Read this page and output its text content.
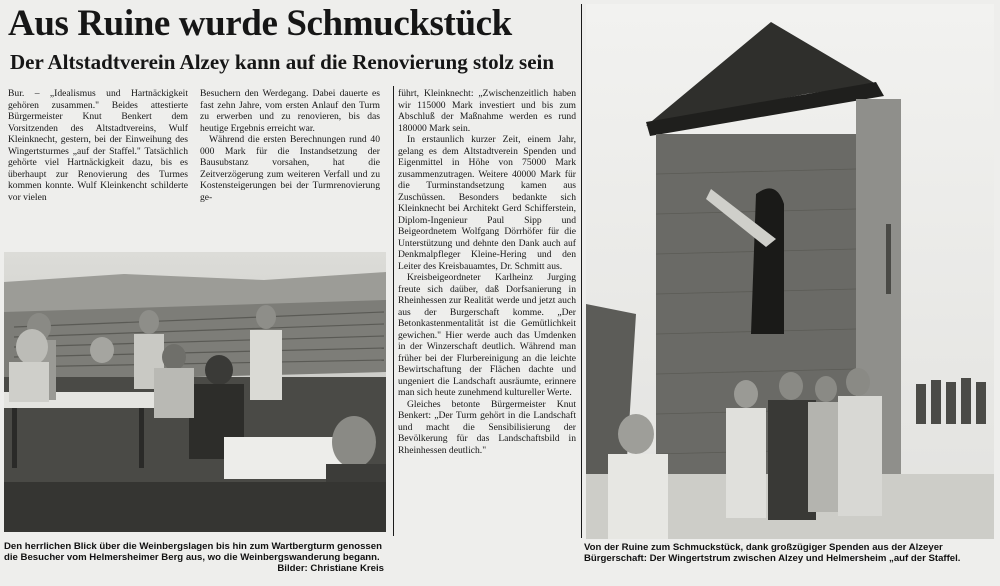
Aus Ruine wurde Schmuckstück
Der Altstadtverein Alzey kann auf die Renovierung stolz sein

Bur. – „Idealismus und Hartnäckigkeit gehören zusammen." Beides attestierte Bürgermeister Knut Benkert dem Vorsitzenden des Altstadtvereins, Wulf Kleinknecht, gestern, bei der Einweihung des Wingertsturmes „auf der Staffel." Tatsächlich gehörte viel Hartnäckigkeit dazu, bis es überhaupt zur Renovierung des Turmes kommen konnte. Wulf Kleinkencht schilderte vor vielen

Besuchern den Werdegang. Dabei dauerte es fast zehn Jahre, vom ersten Anlauf den Turm zu erwerben und zu renovieren, bis das heutige Ergebnis erreicht war.

Während die ersten Berechnungen rund 40 000 Mark für die Instandsetzung der Bausubstanz vorsahen, hat die Zeitverzögerung zum weiteren Verfall und zu Kostensteigerungen bei der Turmrenovierung ge-

führt, Kleinknecht: „Zwischenzeitlich haben wir 115000 Mark investiert und bis zum Abschluß der Maßnahme werden es rund 180000 Mark sein.

In erstaunlich kurzer Zeit, einem Jahr, gelang es dem Altstadtverein Spenden und Eigenmittel in Höhe von 75000 Mark zusammenzutragen. Weitere 40000 Mark für die Turminstandsetzung kamen aus Zuschüssen. Besonders bedankte sich Kleinknecht bei Architekt Gerd Schifferstein, Diplom-Ingenieur Paul Sipp und Beigeordnetem Wolfgang Dörrhöfer für die Unterstützung und dehnte den Dank auch auf Denkmalpfleger Kleine-Hering und den Leiter des Kreisbauamtes, Dr. Schmitt aus.

Kreisbeigeordneter Karlheinz Jurging freute sich daüber, daß Dorfsanierung in Rheinhessen zur Realität werde und jetzt auch aus der Burgerschaft komme. „Der Betonkastenmentalität ist die Gemütlichkeit gewichen." Hier werde auch das Umdenken in der Winzerschaft deutlich. Während man früher bei der Flurbereinigung an die leichte Bewirtschaftung der Flächen dachte und ungeniert die Landschaft ausräumte, erinnere man sich heute zunehmend kultureller Werte.

Gleiches betonte Bürgermeister Knut Benkert: „Der Turm gehört in die Landschaft und macht die Sensibilisierung der Bevölkerung für das Landschaftsbild in Rheinhessen deutlich."

Den herrlichen Blick über die Weinbergslagen bis hin zum Wartbergturm genossen die Besucher vom Helmersheimer Berg aus, wo die Weinbergswanderung begann.
Bilder: Christiane Kreis
Von der Ruine zum Schmuckstück, dank großzügiger Spenden aus der Alzeyer Bürgerschaft: Der Wingertstrum zwischen Alzey und Helmersheim „auf der Staffel.
